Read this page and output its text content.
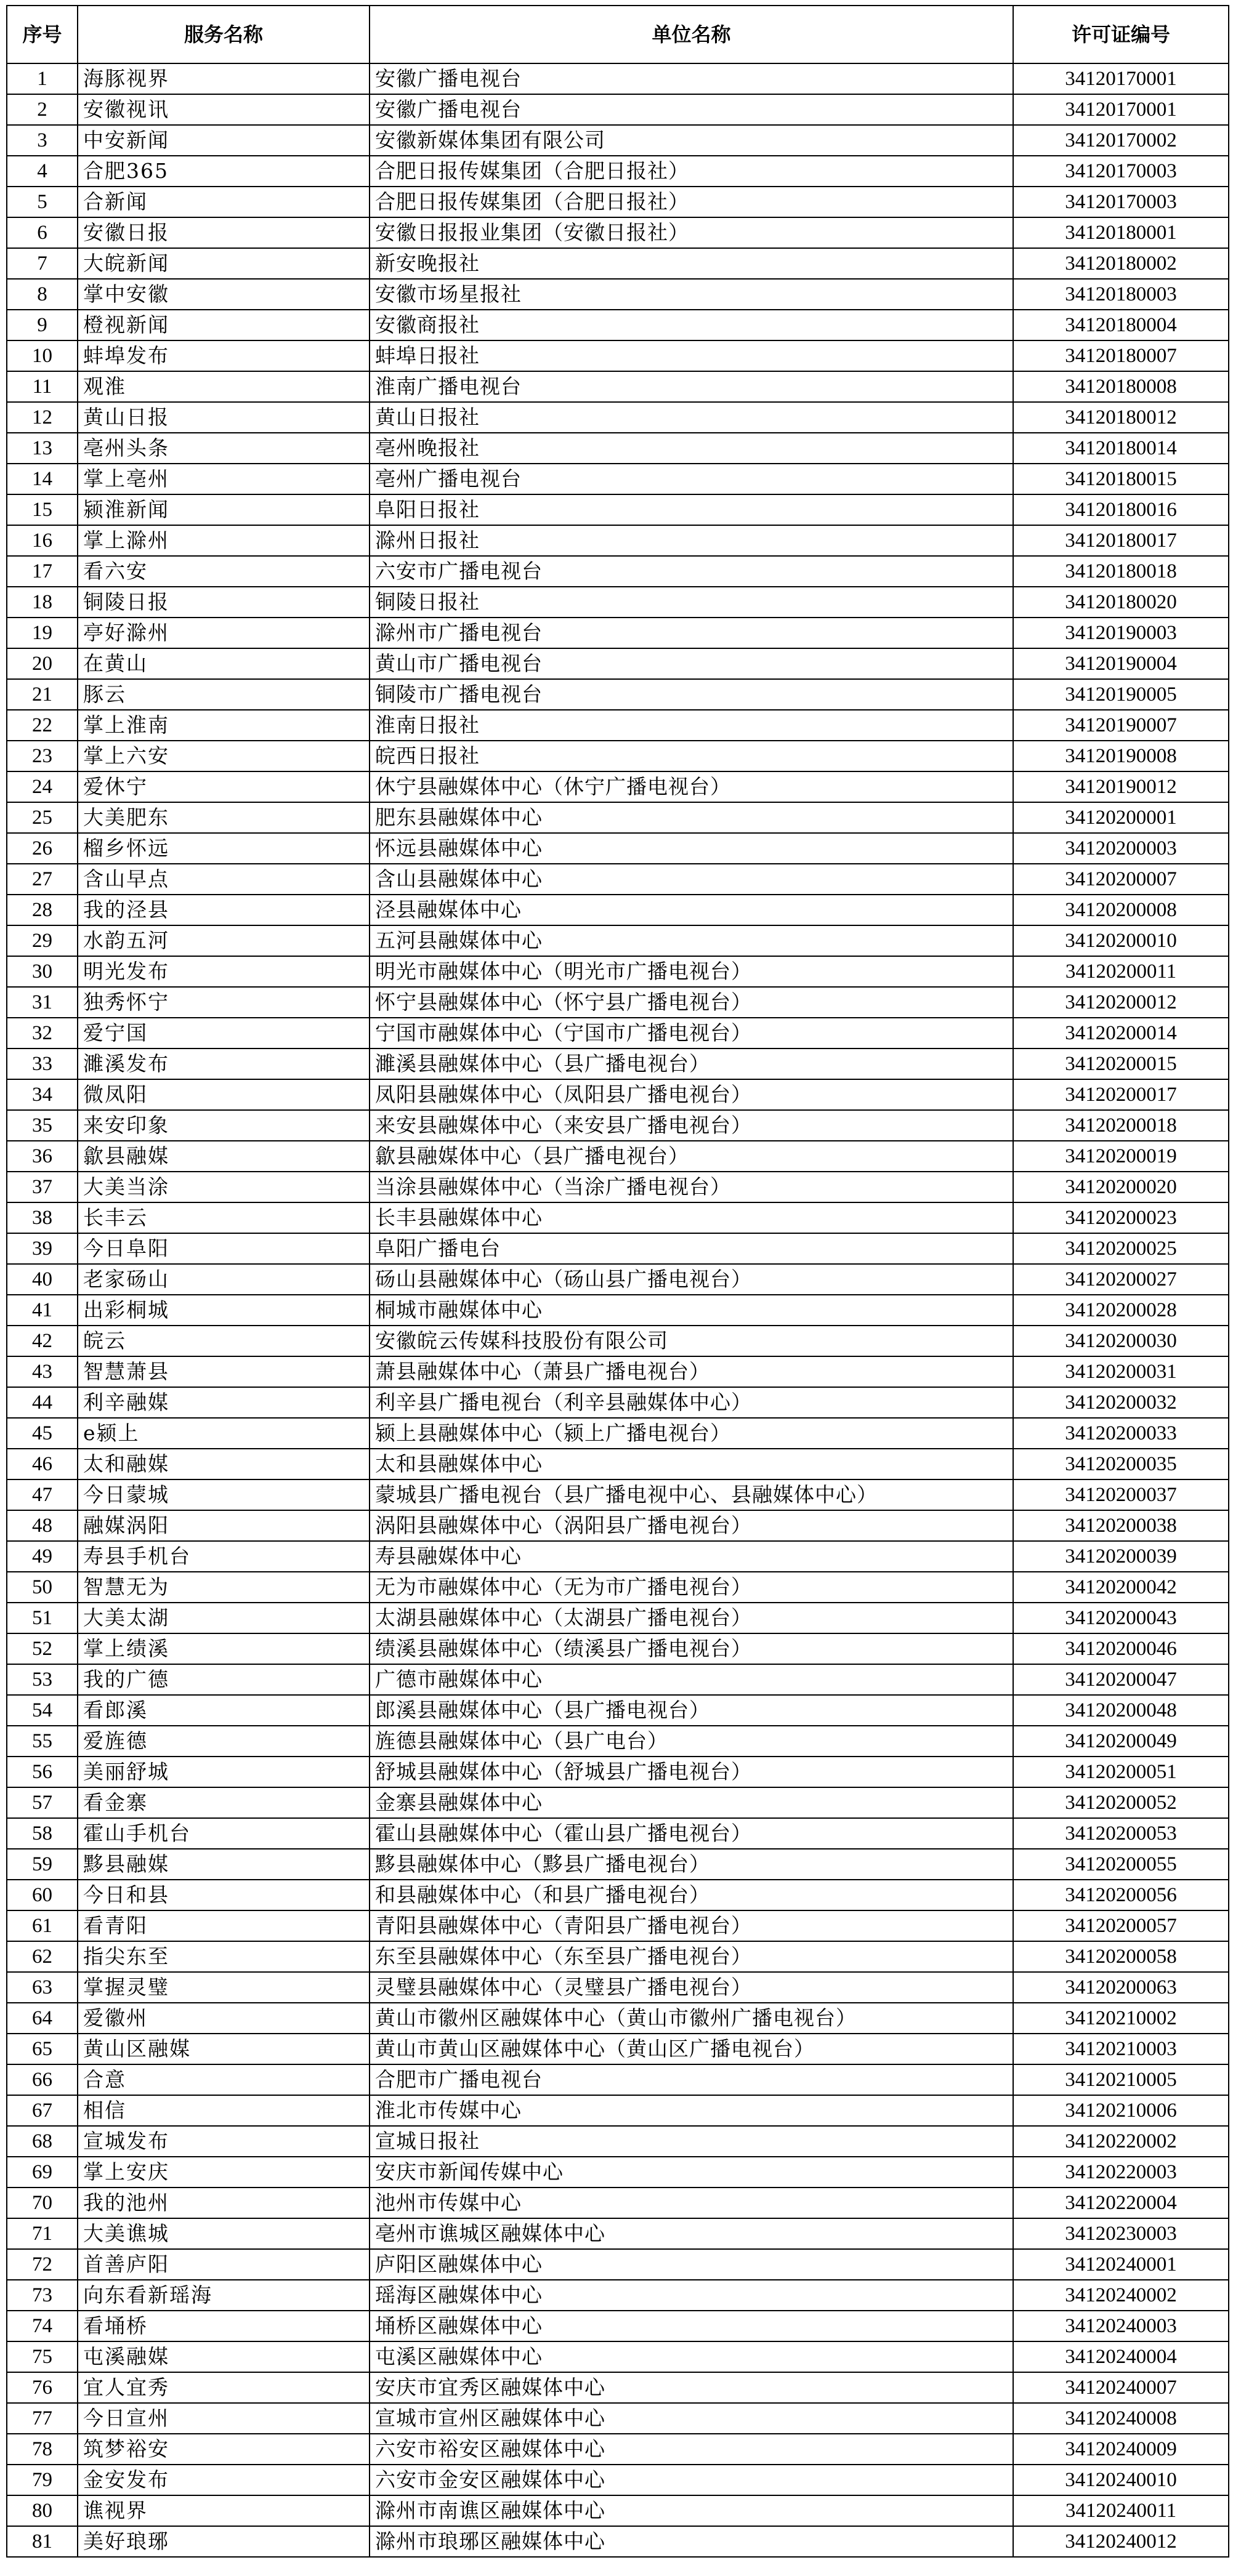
序号	服务名称	单位名称	许可证编号
1	海豚视界	安徽广播电视台	34120170001
2	安徽视讯	安徽广播电视台	34120170001
3	中安新闻	安徽新媒体集团有限公司	34120170002
4	合肥365	合肥日报传媒集团（合肥日报社）	34120170003
5	合新闻	合肥日报传媒集团（合肥日报社）	34120170003
6	安徽日报	安徽日报报业集团（安徽日报社）	34120180001
7	大皖新闻	新安晚报社	34120180002
8	掌中安徽	安徽市场星报社	34120180003
9	橙视新闻	安徽商报社	34120180004
10	蚌埠发布	蚌埠日报社	34120180007
11	观淮	淮南广播电视台	34120180008
12	黄山日报	黄山日报社	34120180012
13	亳州头条	亳州晚报社	34120180014
14	掌上亳州	亳州广播电视台	34120180015
15	颍淮新闻	阜阳日报社	34120180016
16	掌上滁州	滁州日报社	34120180017
17	看六安	六安市广播电视台	34120180018
18	铜陵日报	铜陵日报社	34120180020
19	亭好滁州	滁州市广播电视台	34120190003
20	在黄山	黄山市广播电视台	34120190004
21	豚云	铜陵市广播电视台	34120190005
22	掌上淮南	淮南日报社	34120190007
23	掌上六安	皖西日报社	34120190008
24	爱休宁	休宁县融媒体中心（休宁广播电视台）	34120190012
25	大美肥东	肥东县融媒体中心	34120200001
26	榴乡怀远	怀远县融媒体中心	34120200003
27	含山早点	含山县融媒体中心	34120200007
28	我的泾县	泾县融媒体中心	34120200008
29	水韵五河	五河县融媒体中心	34120200010
30	明光发布	明光市融媒体中心（明光市广播电视台）	34120200011
31	独秀怀宁	怀宁县融媒体中心（怀宁县广播电视台）	34120200012
32	爱宁国	宁国市融媒体中心（宁国市广播电视台）	34120200014
33	濉溪发布	濉溪县融媒体中心（县广播电视台）	34120200015
34	微凤阳	凤阳县融媒体中心（凤阳县广播电视台）	34120200017
35	来安印象	来安县融媒体中心（来安县广播电视台）	34120200018
36	歙县融媒	歙县融媒体中心（县广播电视台）	34120200019
37	大美当涂	当涂县融媒体中心（当涂广播电视台）	34120200020
38	长丰云	长丰县融媒体中心	34120200023
39	今日阜阳	阜阳广播电台	34120200025
40	老家砀山	砀山县融媒体中心（砀山县广播电视台）	34120200027
41	出彩桐城	桐城市融媒体中心	34120200028
42	皖云	安徽皖云传媒科技股份有限公司	34120200030
43	智慧萧县	萧县融媒体中心（萧县广播电视台）	34120200031
44	利辛融媒	利辛县广播电视台（利辛县融媒体中心）	34120200032
45	e颍上	颍上县融媒体中心（颍上广播电视台）	34120200033
46	太和融媒	太和县融媒体中心	34120200035
47	今日蒙城	蒙城县广播电视台（县广播电视中心、县融媒体中心）	34120200037
48	融媒涡阳	涡阳县融媒体中心（涡阳县广播电视台）	34120200038
49	寿县手机台	寿县融媒体中心	34120200039
50	智慧无为	无为市融媒体中心（无为市广播电视台）	34120200042
51	大美太湖	太湖县融媒体中心（太湖县广播电视台）	34120200043
52	掌上绩溪	绩溪县融媒体中心（绩溪县广播电视台）	34120200046
53	我的广德	广德市融媒体中心	34120200047
54	看郎溪	郎溪县融媒体中心（县广播电视台）	34120200048
55	爱旌德	旌德县融媒体中心（县广电台）	34120200049
56	美丽舒城	舒城县融媒体中心（舒城县广播电视台）	34120200051
57	看金寨	金寨县融媒体中心	34120200052
58	霍山手机台	霍山县融媒体中心（霍山县广播电视台）	34120200053
59	黟县融媒	黟县融媒体中心（黟县广播电视台）	34120200055
60	今日和县	和县融媒体中心（和县广播电视台）	34120200056
61	看青阳	青阳县融媒体中心（青阳县广播电视台）	34120200057
62	指尖东至	东至县融媒体中心（东至县广播电视台）	34120200058
63	掌握灵璧	灵璧县融媒体中心（灵璧县广播电视台）	34120200063
64	爱徽州	黄山市徽州区融媒体中心（黄山市徽州广播电视台）	34120210002
65	黄山区融媒	黄山市黄山区融媒体中心（黄山区广播电视台）	34120210003
66	合意	合肥市广播电视台	34120210005
67	相信	淮北市传媒中心	34120210006
68	宣城发布	宣城日报社	34120220002
69	掌上安庆	安庆市新闻传媒中心	34120220003
70	我的池州	池州市传媒中心	34120220004
71	大美谯城	亳州市谯城区融媒体中心	34120230003
72	首善庐阳	庐阳区融媒体中心	34120240001
73	向东看新瑶海	瑶海区融媒体中心	34120240002
74	看埇桥	埇桥区融媒体中心	34120240003
75	屯溪融媒	屯溪区融媒体中心	34120240004
76	宜人宜秀	安庆市宜秀区融媒体中心	34120240007
77	今日宣州	宣城市宣州区融媒体中心	34120240008
78	筑梦裕安	六安市裕安区融媒体中心	34120240009
79	金安发布	六安市金安区融媒体中心	34120240010
80	谯视界	滁州市南谯区融媒体中心	34120240011
81	美好琅琊	滁州市琅琊区融媒体中心	34120240012
